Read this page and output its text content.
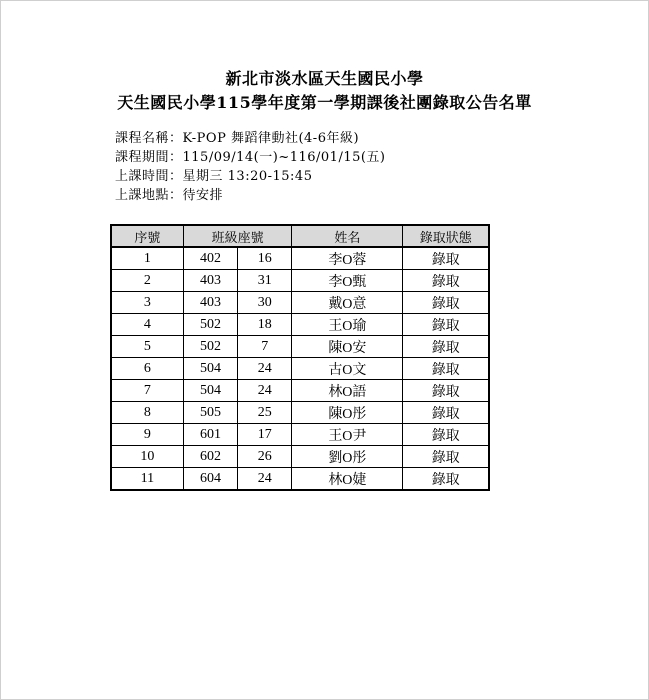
新北市淡水區天生國民小學
天生國民小學115學年度第一學期課後社團錄取公告名單
課程名稱：K-POP 舞蹈律動社(4-6年級)
課程期間：115/09/14(一)~116/01/15(五)
上課時間：星期三 13:20-15:45
上課地點：待安排
序號	班級座號		姓名	錄取狀態
1	402	16	李O蓉	錄取
2	403	31	李O甄	錄取
3	403	30	戴O意	錄取
4	502	18	王O瑜	錄取
5	502	7	陳O安	錄取
6	504	24	古O文	錄取
7	504	24	林O語	錄取
8	505	25	陳O彤	錄取
9	601	17	王O尹	錄取
10	602	26	劉O彤	錄取
11	604	24	林O婕	錄取
